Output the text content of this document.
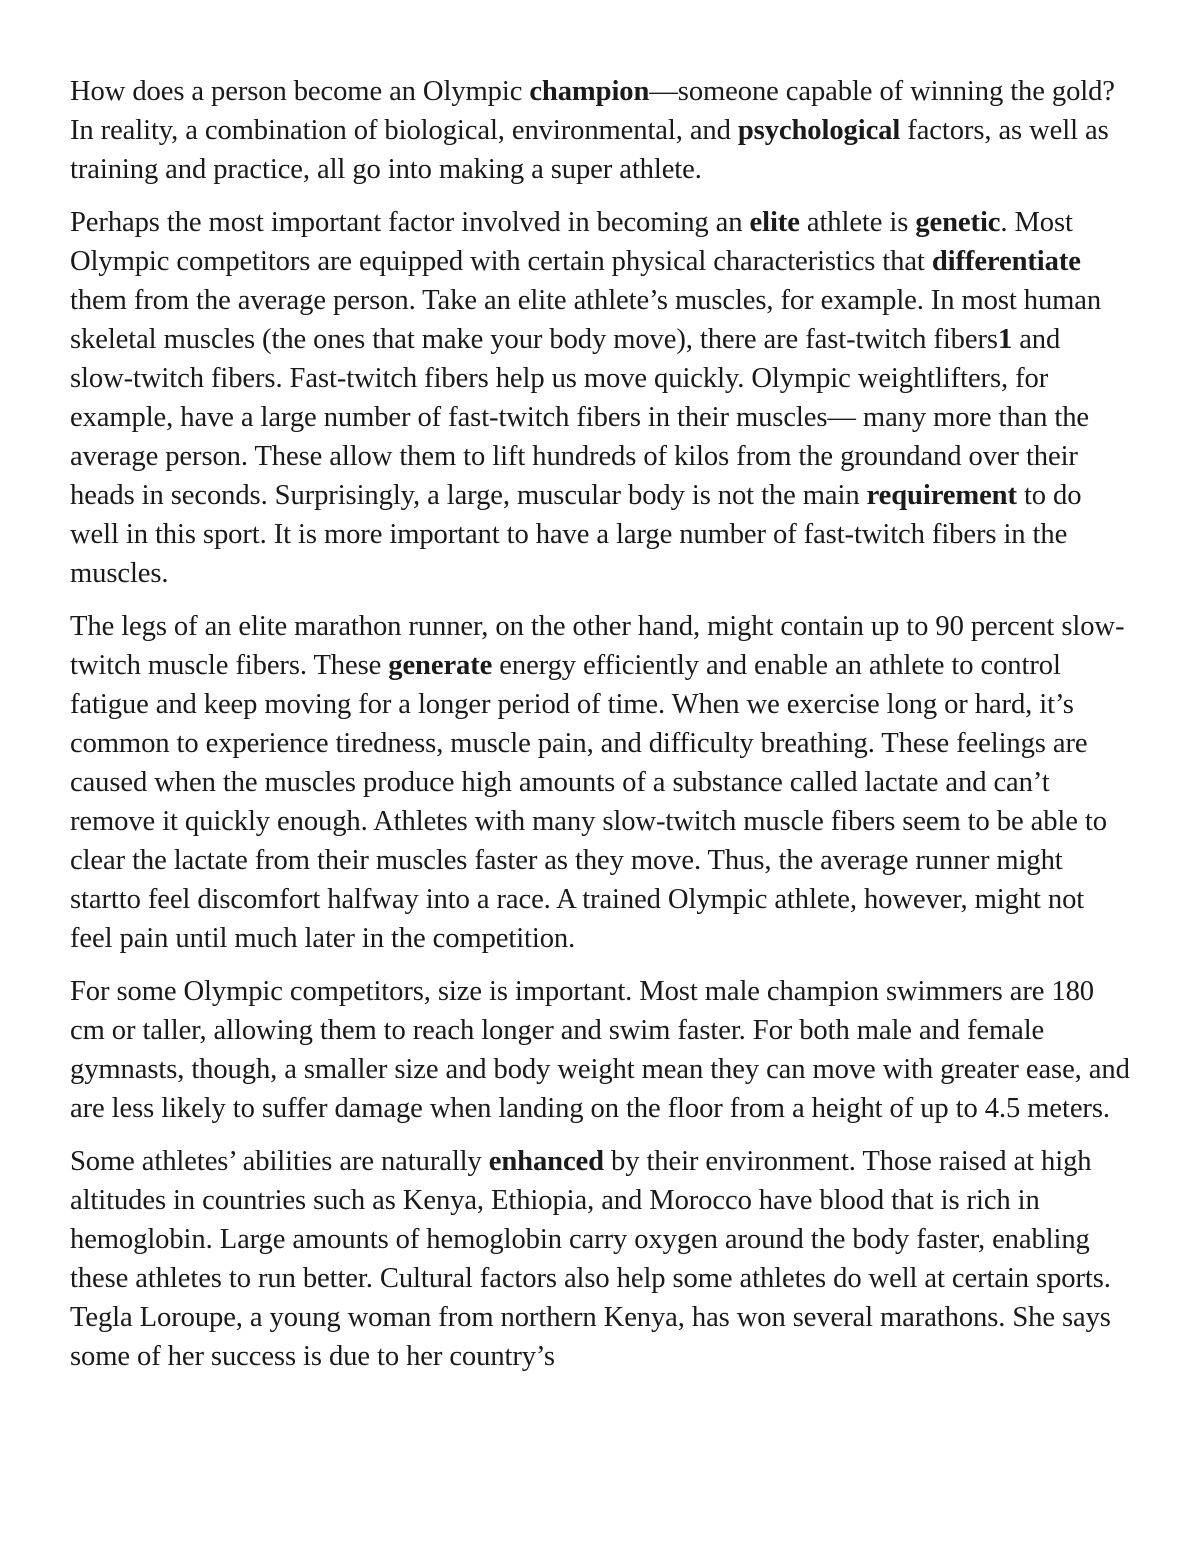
How does a person become an Olympic champion—someone capable of winning the gold? In reality, a combination of biological, environmental, and psychological factors, as well as training and practice, all go into making a super athlete.

Perhaps the most important factor involved in becoming an elite athlete is genetic. Most Olympic competitors are equipped with certain physical characteristics that differentiate them from the average person. Take an elite athlete’s muscles, for example. In most human skeletal muscles (the ones that make your body move), there are fast-twitch fibers1 and slow-twitch fibers. Fast-twitch fibers help us move quickly. Olympic weightlifters, for example, have a large number of fast-twitch fibers in their muscles— many more than the average person. These allow them to lift hundreds of kilos from the groundand over their heads in seconds. Surprisingly, a large, muscular body is not the main requirement to do well in this sport. It is more important to have a large number of fast-twitch fibers in the muscles.

The legs of an elite marathon runner, on the other hand, might contain up to 90 percent slow-twitch muscle fibers. These generate energy efficiently and enable an athlete to control fatigue and keep moving for a longer period of time. When we exercise long or hard, it’s common to experience tiredness, muscle pain, and difficulty breathing. These feelings are caused when the muscles produce high amounts of a substance called lactate and can’t remove it quickly enough. Athletes with many slow-twitch muscle fibers seem to be able to clear the lactate from their muscles faster as they move. Thus, the average runner might startto feel discomfort halfway into a race. A trained Olympic athlete, however, might not feel pain until much later in the competition.

For some Olympic competitors, size is important. Most male champion swimmers are 180 cm or taller, allowing them to reach longer and swim faster. For both male and female gymnasts, though, a smaller size and body weight mean they can move with greater ease, and are less likely to suffer damage when landing on the floor from a height of up to 4.5 meters.

Some athletes’ abilities are naturally enhanced by their environment. Those raised at high altitudes in countries such as Kenya, Ethiopia, and Morocco have blood that is rich in hemoglobin. Large amounts of hemoglobin carry oxygen around the body faster, enabling these athletes to run better. Cultural factors also help some athletes do well at certain sports. Tegla Loroupe, a young woman from northern Kenya, has won several marathons. She says some of her success is due to her country’s
